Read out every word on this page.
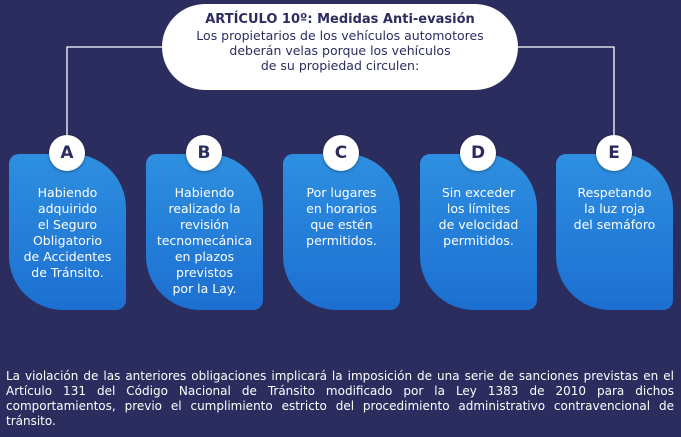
ARTÍCULO 10º: Medidas Anti-evasión
Los propietarios de los vehículos automotores
deberán velas porque los vehículos
de su propiedad circulen:
Habiendo
adquirido
el Seguro
Obligatorio
de Accidentes
de Tránsito.
Habiendo
realizado la
revisión
tecnomecánica
en plazos
previstos
por la Lay.
Por lugares
en horarios
que estén
permitidos.
Sin exceder
los límites
de velocidad
permitidos.
Respetando
la luz roja
del semáforo
A	B	C	D	E
La violación de las anteriores obligaciones implicará la imposición de una serie de sanciones previstas en el Artículo 131 del Código Nacional de Tránsito modificado por la Ley 1383 de 2010 para dichos comportamientos, previo el cumplimiento estricto del procedimiento administrativo contravencional de tránsito.
